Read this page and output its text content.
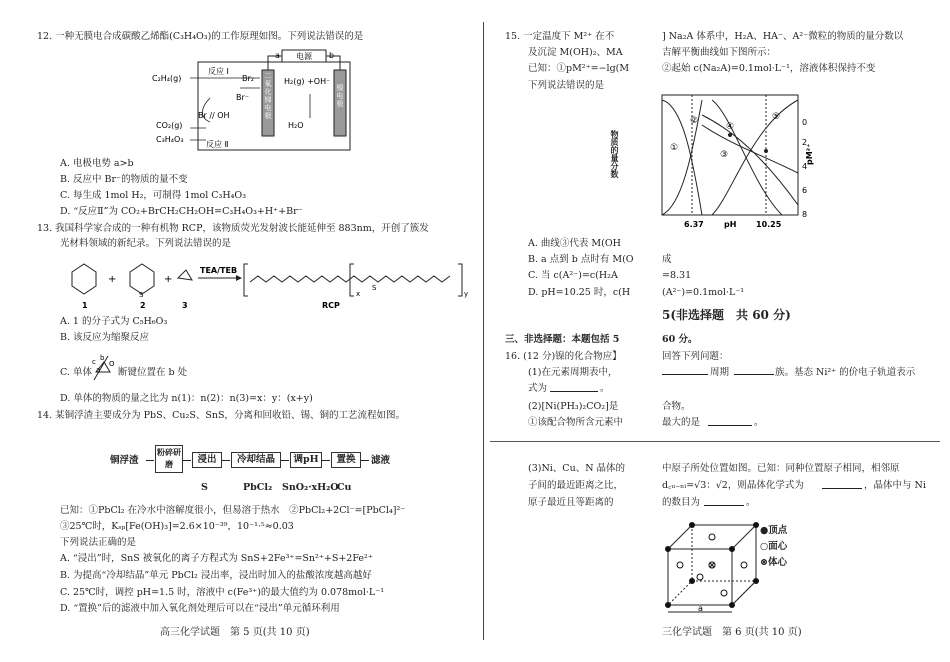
12. 一种无膜电合成碳酸乙烯酯(C₃H₄O₃)的工作原理如图。下列说法错误的是
电源
a	b
二氧化锑电极
镍电极
反应 Ⅰ
反应 Ⅱ
C₂H₄(g)	Br₂
Br⁻
Br ∕∕ OH
CO₂(g)
C₃H₄O₃
H₂(g) +OH⁻
H₂O
A. 电极电势 a>b
B. 反应中 Br⁻的物质的量不变
C. 每生成 1mol H₂，可制得 1mol C₃H₄O₃
D. “反应Ⅱ”为 CO₂+BrCH₂CH₂OH=C₃H₄O₃+H⁺+Br⁻
13. 我国科学家合成的一种有机物 RCP，该物质荧光发射波长能延伸至 883nm，开创了簇发
光材料领域的新纪录。下列说法错误的是
1
+
S
2
+
3
TEA/TEB
x	y
S
RCP
A. 1 的分子式为 C₅H₆O₃
B. 该反应为缩聚反应
C. 单体
c b
a
O
断键位置在 b 处
D. 单体的物质的量之比为 n(1)：n(2)：n(3)=x：y：(x+y)
14. 某铜浮渣主要成分为 PbS、Cu₂S、SnS，分离和回收铅、锡、铜的工艺流程如图。
铜浮渣
粉碎研磨	浸出	冷却结晶	调pH	置换	滤液
S	PbCl₂ SnO₂·xH₂O
Cu
已知：①PbCl₂ 在冷水中溶解度很小，但易溶于热水　②PbCl₂+2Cl⁻=[PbCl₄]²⁻
③25℃时，Kₛₚ[Fe(OH)₃]=2.6×10⁻³⁹，10⁻¹·⁵≈0.03
下列说法正确的是
A. “浸出”时，SnS 被氧化的离子方程式为 SnS+2Fe³⁺=Sn²⁺+S+2Fe²⁺
B. 为提高“冷却结晶”单元 PbCl₂ 浸出率，浸出时加入的盐酸浓度越高越好
C. 25℃时，调控 pH=1.5 时，溶液中 c(Fe³⁺)的最大值约为 0.078mol·L⁻¹
D. “置换”后的滤液中加入氧化剂处理后可以在“浸出”单元循环利用
高三化学试题　第 5 页(共 10 页)
15. 一定温度下 M²⁺ 在不	] Na₂A 体系中，H₂A、HA⁻、A²⁻微粒的物质的量分数以
及沉淀 M(OH)₂、MA	吉解平衡曲线如下图所示：
已知：①pM²⁺=−lg(M	②起始 c(Na₂A)=0.1mol·L⁻¹，溶液体积保持不变
下列说法错误的是
物质的量分数	①
②
③
④
⑤
6.37	10.25
pH
0
2
4
6
8
pM²⁺
A. 曲线③代表 M(OH
B. a 点到 b 点时有 M(O	成
C. 当 c(A²⁻)=c(H₂A	=8.31
D. pH=10.25 时，c(H	(A²⁻)=0.1mol·L⁻¹
5(非选择题　共 60 分)
三、非选择题：本题包括 5	60 分。
16. (12 分)镍的化合物应】	回答下列问题：
(1)在元素周期表中，	周期	族。基态 Ni²⁺ 的价电子轨道表示
式为	。
(2)[Ni(PH₃)₂CO₂]是	合物。
①该配合物所含元素中	最大的是	。
(3)Ni、Cu、N 晶体的	中原子所处位置如图。已知：同种位置原子相同，相邻原
子间的最近距离之比，	d꜀ᵤ₋ₙᵢ=√3：√2，则晶体化学式为	，晶体中与 Ni
原子最近且等距离的	的数目为	。
a
●顶点
○面心
⊗体心
三化学试题　第 6 页(共 10 页)
